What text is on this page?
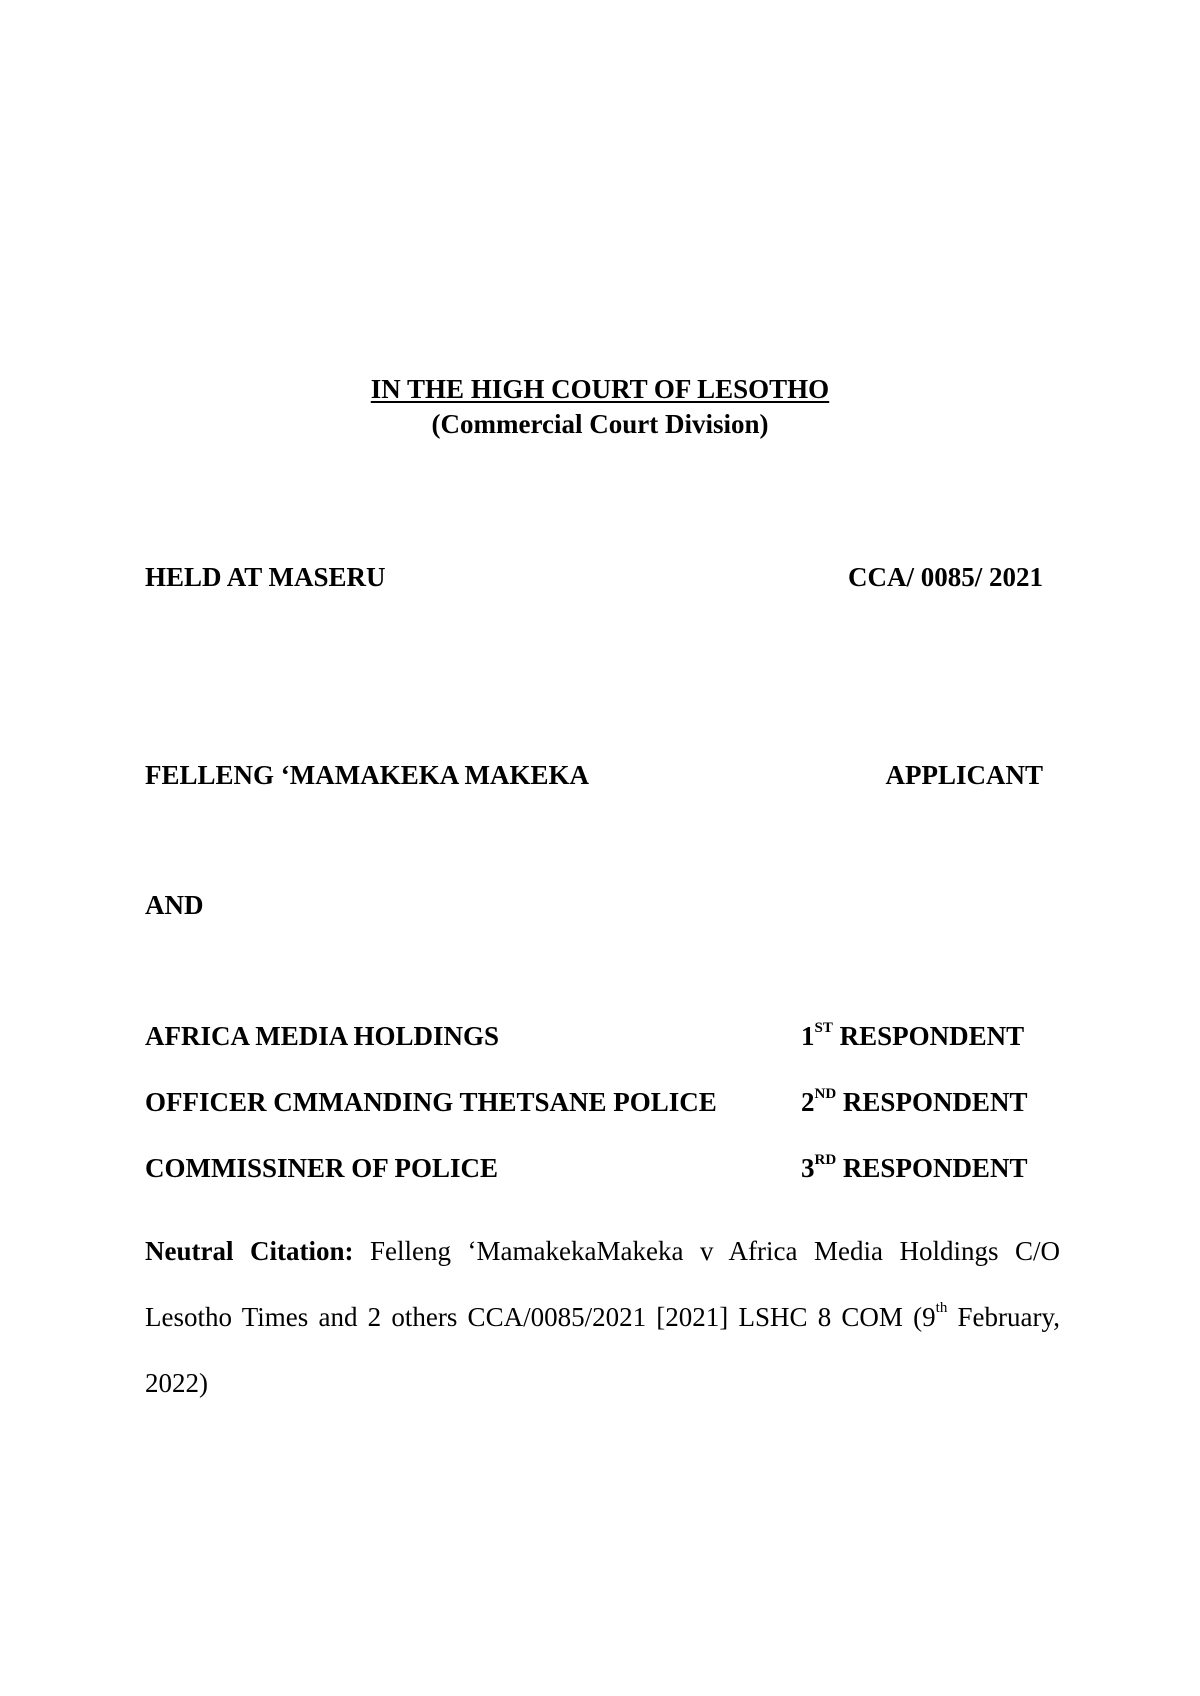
IN THE HIGH COURT OF LESOTHO
(Commercial Court Division)
HELD AT MASERU	CCA/ 0085/ 2021
FELLENG ‘MAMAKEKA MAKEKA	APPLICANT
AND
AFRICA MEDIA HOLDINGS	1ST RESPONDENT
OFFICER CMMANDING THETSANE POLICE	2ND RESPONDENT
COMMISSINER OF POLICE	3RD RESPONDENT
Neutral Citation: Felleng ‘MamakekaMakeka v Africa Media Holdings C/O Lesotho Times and 2 others CCA/0085/2021 [2021] LSHC 8 COM (9th February, 2022)
